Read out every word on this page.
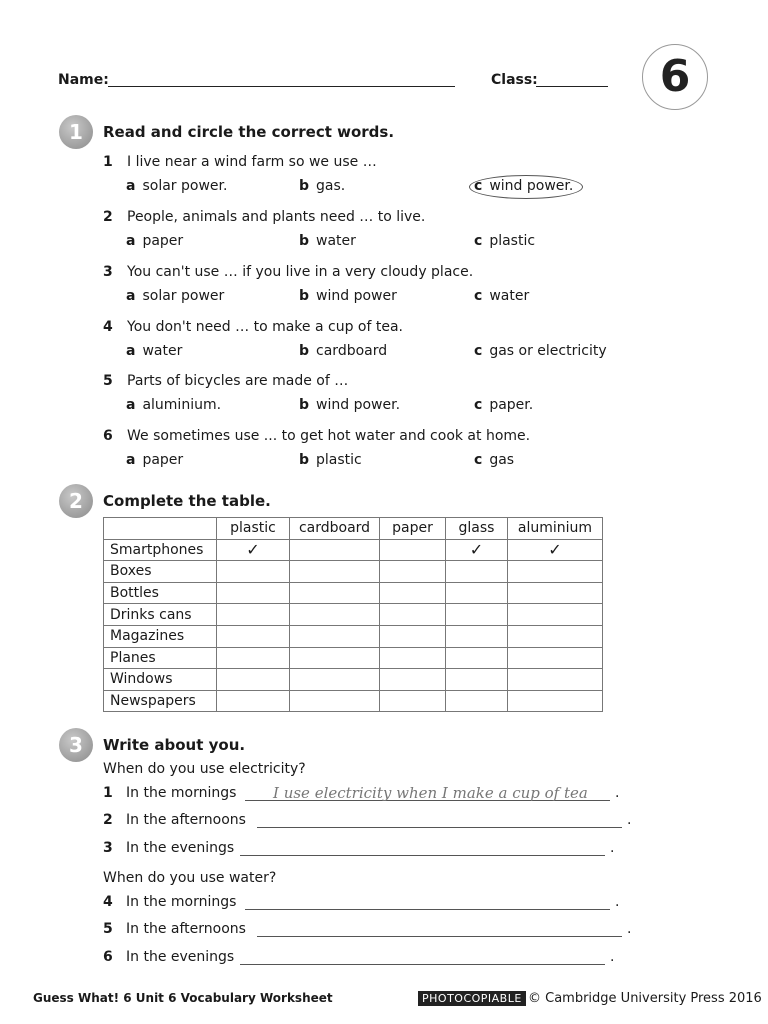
Name:	Class:	6
1	Read and circle the correct words.
1 I live near a wind farm so we use …
a solar power.	b gas.	c wind power.
2 People, animals and plants need … to live.
a paper	b water	c plastic
3 You can't use … if you live in a very cloudy place.
a solar power	b wind power	c water
4 You don't need … to make a cup of tea.
a water	b cardboard	c gas or electricity
5 Parts of bicycles are made of …
a aluminium.	b wind power.	c paper.
6 We sometimes use ... to get hot water and cook at home.
a paper	b plastic	c gas
2	Complete the table.
	plastic	cardboard	paper	glass	aluminium
Smartphones	✓			✓	✓
Boxes					
Bottles					
Drinks cans					
Magazines					
Planes					
Windows					
Newspapers					
3	Write about you.
When do you use electricity?
When do you use water?
1 In the mornings I use electricity when I make a cup of tea .
2 In the afternoons	.
3 In the evenings	.
4 In the mornings	.
5 In the afternoons	.
6 In the evenings	.
Guess What! 6 Unit 6 Vocabulary Worksheet	PHOTOCOPIABLE © Cambridge University Press 2016
